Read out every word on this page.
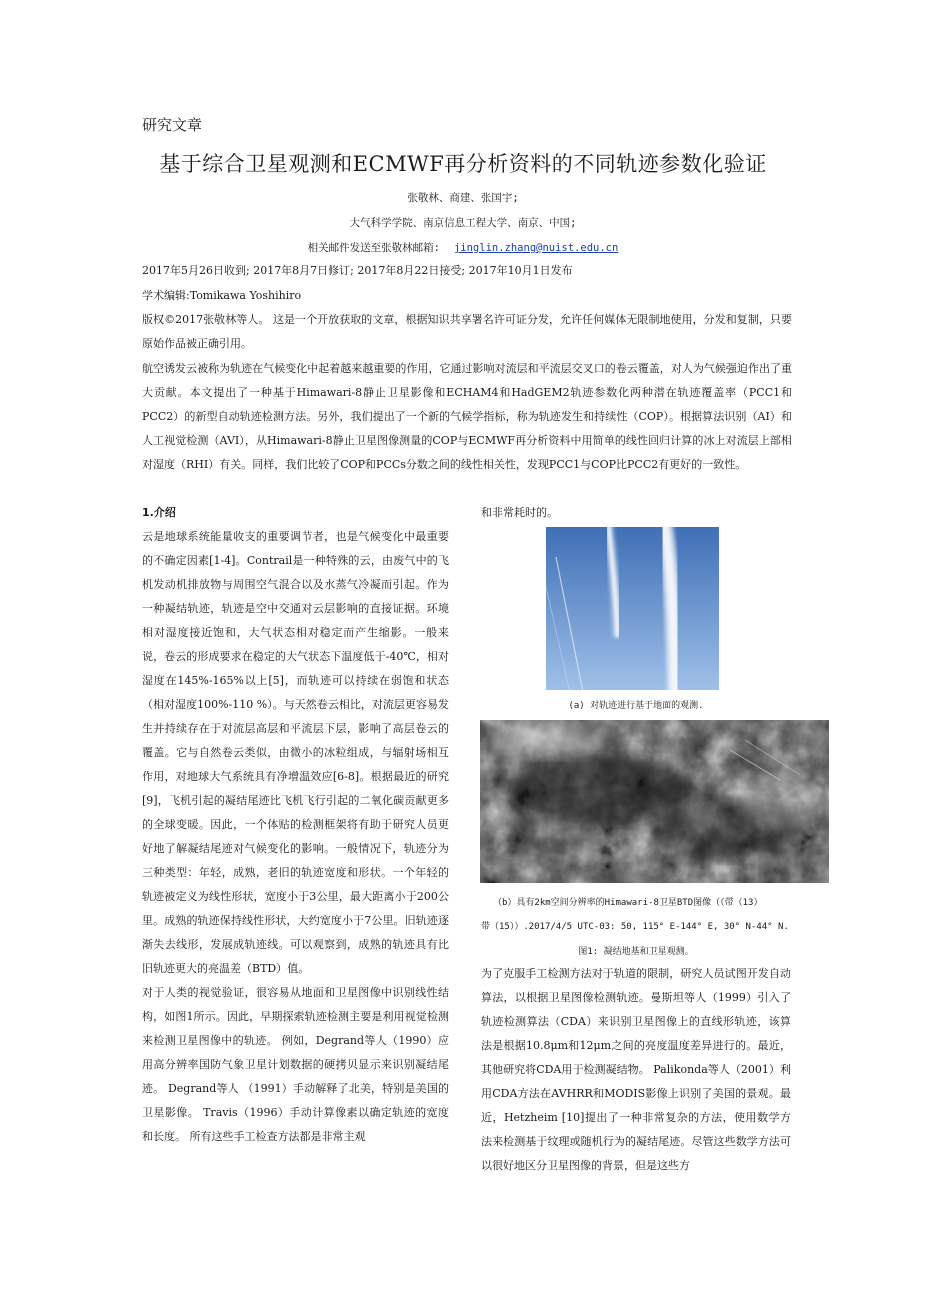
研究文章
基于综合卫星观测和ECMWF再分析资料的不同轨迹参数化验证
张敬林、商建、张国宇;
大气科学学院、南京信息工程大学、南京、中国;
相关邮件发送至张敬林邮箱: jinglin.zhang@nuist.edu.cn
2017年5月26日收到; 2017年8月7日修订; 2017年8月22日接受; 2017年10月1日发布
学术编辑:Tomikawa Yoshihiro
版权©2017张敬林等人。 这是一个开放获取的文章，根据知识共享署名许可证分发，允许任何媒体无限制地使用，分发和复制，只要原始作品被正确引用。
航空诱发云被称为轨迹在气候变化中起着越来越重要的作用，它通过影响对流层和平流层交叉口的卷云覆盖，对人为气候强迫作出了重大贡献。本文提出了一种基于Himawari-8静止卫星影像和ECHAM4和HadGEM2轨迹参数化两种潜在轨迹覆盖率（PCC1和PCC2）的新型自动轨迹检测方法。另外，我们提出了一个新的气候学指标，称为轨迹发生和持续性（COP）。根据算法识别（AI）和人工视觉检测（AVI），从Himawari-8静止卫星图像测量的COP与ECMWF再分析资料中用简单的线性回归计算的冰上对流层上部相对湿度（RHI）有关。同样，我们比较了COP和PCCs分数之间的线性相关性，发现PCC1与COP比PCC2有更好的一致性。
1.介绍

云是地球系统能量收支的重要调节者，也是气候变化中最重要的不确定因素[1-4]。Contrail是一种特殊的云，由废气中的飞机发动机排放物与周围空气混合以及水蒸气冷凝而引起。作为一种凝结轨迹，轨迹是空中交通对云层影响的直接证据。环境相对湿度接近饱和，大气状态相对稳定而产生缩影。一般来说，卷云的形成要求在稳定的大气状态下温度低于-40℃，相对湿度在145%-165%以上[5]，而轨迹可以持续在弱饱和状态（相对湿度100%-110 %）。与天然卷云相比，对流层更容易发生并持续存在于对流层高层和平流层下层，影响了高层卷云的覆盖。它与自然卷云类似，由微小的冰粒组成，与辐射场相互作用，对地球大气系统具有净增温效应[6-8]。根据最近的研究[9]，飞机引起的凝结尾迹比飞机飞行引起的二氧化碳贡献更多的全球变暖。因此，一个体贴的检测框架将有助于研究人员更好地了解凝结尾迹对气候变化的影响。一般情况下，轨迹分为三种类型：年轻，成熟，老旧的轨迹宽度和形状。一个年轻的轨迹被定义为线性形状，宽度小于3公里，最大距离小于200公里。成熟的轨迹保持线性形状，大约宽度小于7公里。旧轨迹逐渐失去线形，发展成轨迹线。可以观察到，成熟的轨迹具有比旧轨迹更大的亮温差（BTD）值。

对于人类的视觉验证，很容易从地面和卫星图像中识别线性结构，如图1所示。因此，早期探索轨迹检测主要是利用视觉检测来检测卫星图像中的轨迹。 例如，Degrand等人（1990）应用高分辨率国防气象卫星计划数据的硬拷贝显示来识别凝结尾迹。 Degrand等人 （1991）手动解释了北美，特别是美国的卫星影像。 Travis（1996）手动计算像素以确定轨迹的宽度和长度。 所有这些手工检查方法都是非常主观

和非常耗时的。
(a) 对轨迹进行基于地面的观测.
（b）具有2km空间分辨率的Himawari-8卫星BTD图像（（带（13）
带（15））.2017/4/5 UTC-03: 50, 115° E-144° E, 30° N-44° N.
图1: 凝结地基和卫星观测。
为了克服手工检测方法对于轨道的限制，研究人员试图开发自动算法，以根据卫星图像检测轨迹。曼斯坦等人（1999）引入了轨迹检测算法（CDA）来识别卫星图像上的直线形轨迹，该算法是根据10.8μm和12μm之间的亮度温度差异进行的。最近，其他研究将CDA用于检测凝结物。 Palikonda等人（2001）利用CDA方法在AVHRR和MODIS影像上识别了美国的景观。最近，Hetzheim [10]提出了一种非常复杂的方法，使用数学方法来检测基于纹理或随机行为的凝结尾迹。尽管这些数学方法可以很好地区分卫星图像的背景，但是这些方
